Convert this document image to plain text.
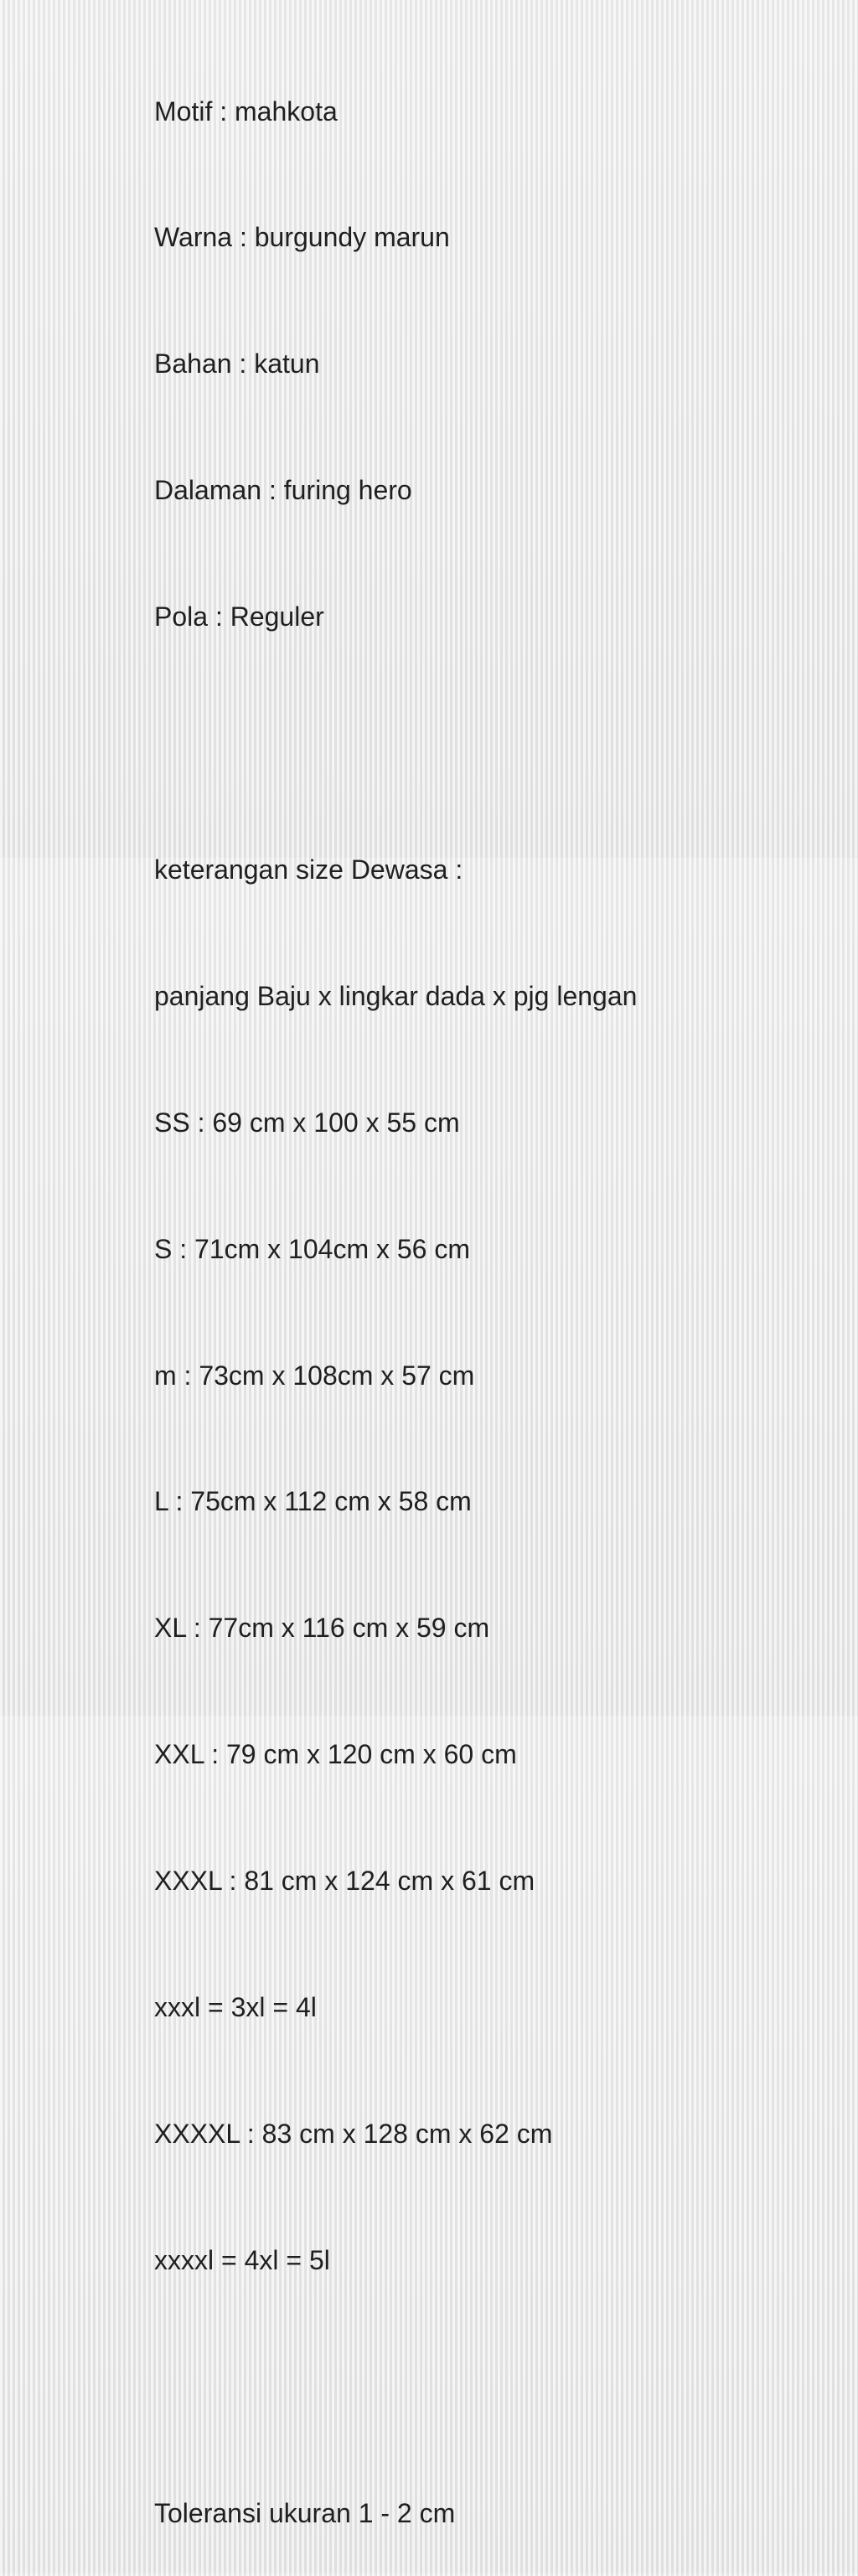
Motif : mahkota

Warna : burgundy marun

Bahan : katun

Dalaman : furing hero

Pola : Reguler

keterangan size Dewasa :

panjang Baju x lingkar dada x pjg lengan

SS : 69 cm x 100 x 55 cm

S : 71cm x 104cm x 56 cm

m : 73cm x 108cm x 57 cm

L : 75cm x 112 cm x 58 cm

XL : 77cm x 116 cm x 59 cm

XXL : 79 cm x 120 cm x 60 cm

XXXL : 81 cm x 124 cm x 61 cm

xxxl = 3xl = 4l

XXXXL : 83 cm x 128 cm x 62 cm

xxxxl = 4xl = 5l

Toleransi ukuran 1 - 2 cm
